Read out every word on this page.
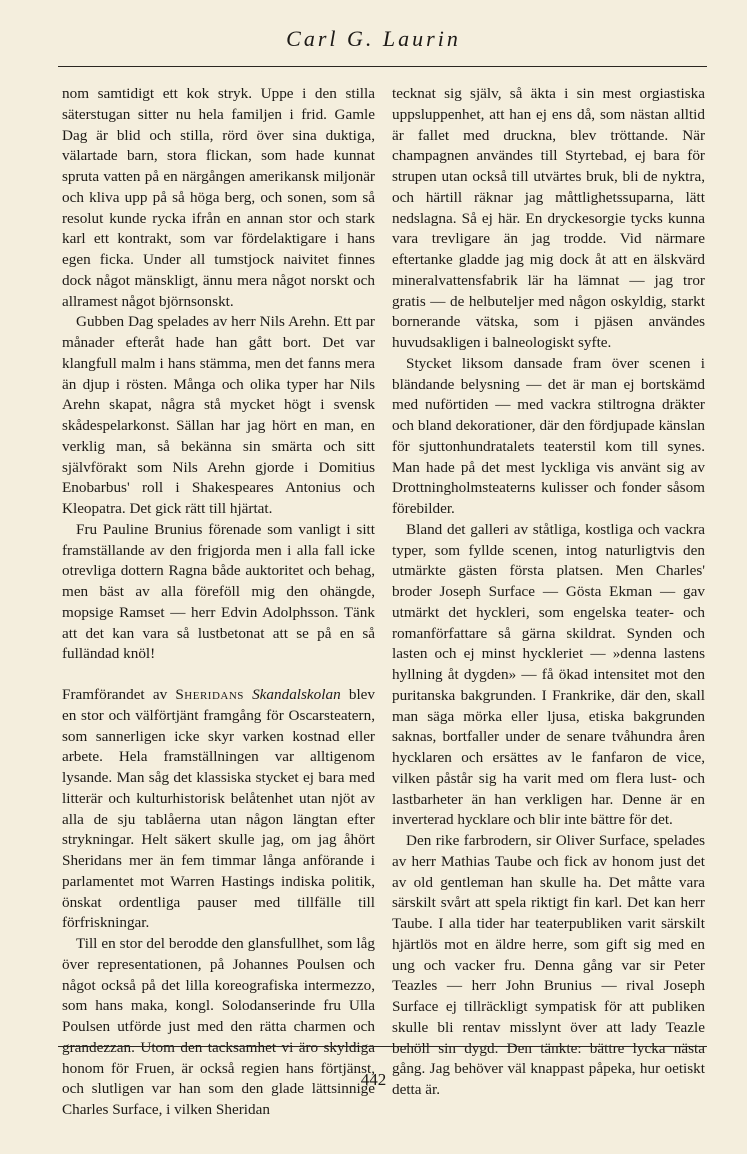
Carl G. Laurin

nom samtidigt ett kok stryk. Uppe i den stilla säterstugan sitter nu hela familjen i frid. Gamle Dag är blid och stilla, rörd över sina duktiga, välartade barn, stora flickan, som hade kunnat spruta vatten på en närgången amerikansk miljonär och kliva upp på så höga berg, och sonen, som så resolut kunde rycka ifrån en annan stor och stark karl ett kontrakt, som var fördelaktigare i hans egen ficka. Under all tumstjock naivitet finnes dock något mänskligt, ännu mera något norskt och allramest något björnsonskt.

Gubben Dag spelades av herr Nils Arehn. Ett par månader efteråt hade han gått bort. Det var klangfull malm i hans stämma, men det fanns mera än djup i rösten. Många och olika typer har Nils Arehn skapat, några stå mycket högt i svensk skådespelarkonst. Sällan har jag hört en man, en verklig man, så bekänna sin smärta och sitt självförakt som Nils Arehn gjorde i Domitius Enobarbus' roll i Shakespeares Antonius och Kleopatra. Det gick rätt till hjärtat.

Fru Pauline Brunius förenade som vanligt i sitt framställande av den frigjorda men i alla fall icke otrevliga dottern Ragna både auktoritet och behag, men bäst av alla föreföll mig den ohängde, mopsige Ramset — herr Edvin Adolphsson. Tänk att det kan vara så lustbetonat att se på en så fulländad knöl!

Framförandet av Sheridans Skandalskolan blev en stor och välförtjänt framgång för Oscarsteatern, som sannerligen icke skyr varken kostnad eller arbete. Hela framställningen var alltigenom lysande. Man såg det klassiska stycket ej bara med litterär och kulturhistorisk belåtenhet utan njöt av alla de sju tablåerna utan någon längtan efter strykningar. Helt säkert skulle jag, om jag åhört Sheridans mer än fem timmar långa anförande i parlamentet mot Warren Hastings indiska politik, önskat ordentliga pauser med tillfälle till förfriskningar.

Till en stor del berodde den glansfullhet, som låg över representationen, på Johannes Poulsen och något också på det lilla koreografiska intermezzo, som hans maka, kongl. Solodanserinde fru Ulla Poulsen utförde just med den rätta charmen och grandezzan. Utom den tacksamhet vi äro skyldiga honom för Fruen, är också regien hans förtjänst, och slutligen var han som den glade lättsinnige Charles Surface, i vilken Sheridan

tecknat sig själv, så äkta i sin mest orgiastiska uppsluppenhet, att han ej ens då, som nästan alltid är fallet med druckna, blev tröttande. När champagnen användes till Styrtebad, ej bara för strupen utan också till utvärtes bruk, bli de nyktra, och härtill räknar jag måttlighetssuparna, lätt nedslagna. Så ej här. En dryckesorgie tycks kunna vara trevligare än jag trodde. Vid närmare eftertanke gladde jag mig dock åt att en älskvärd mineralvattensfabrik lär ha lämnat — jag tror gratis — de helbuteljer med någon oskyldig, starkt bornerande vätska, som i pjäsen användes huvudsakligen i balneologiskt syfte.

Stycket liksom dansade fram över scenen i bländande belysning — det är man ej bortskämd med nuförtiden — med vackra stiltrogna dräkter och bland dekorationer, där den fördjupade känslan för sjuttonhundratalets teaterstil kom till synes. Man hade på det mest lyckliga vis använt sig av Drottningholmsteaterns kulisser och fonder såsom förebilder.

Bland det galleri av ståtliga, kostliga och vackra typer, som fyllde scenen, intog naturligtvis den utmärkte gästen första platsen. Men Charles' broder Joseph Surface — Gösta Ekman — gav utmärkt det hyckleri, som engelska teater- och romanförfattare så gärna skildrat. Synden och lasten och ej minst hyckleriet — »denna lastens hyllning åt dygden» — få ökad intensitet mot den puritanska bakgrunden. I Frankrike, där den, skall man säga mörka eller ljusa, etiska bakgrunden saknas, bortfaller under de senare tvåhundra åren hycklaren och ersättes av le fanfaron de vice, vilken påstår sig ha varit med om flera lust- och lastbarheter än han verkligen har. Denne är en inverterad hycklare och blir inte bättre för det.

Den rike farbrodern, sir Oliver Surface, spelades av herr Mathias Taube och fick av honom just det av old gentleman han skulle ha. Det måtte vara särskilt svårt att spela riktigt fin karl. Det kan herr Taube. I alla tider har teaterpubliken varit särskilt hjärtlös mot en äldre herre, som gift sig med en ung och vacker fru. Denna gång var sir Peter Teazles — herr John Brunius — rival Joseph Surface ej tillräckligt sympatisk för att publiken skulle bli rentav misslynt över att lady Teazle behöll sin dygd. Den tänkte: bättre lycka nästa gång. Jag behöver väl knappast påpeka, hur oetiskt detta är.

442
